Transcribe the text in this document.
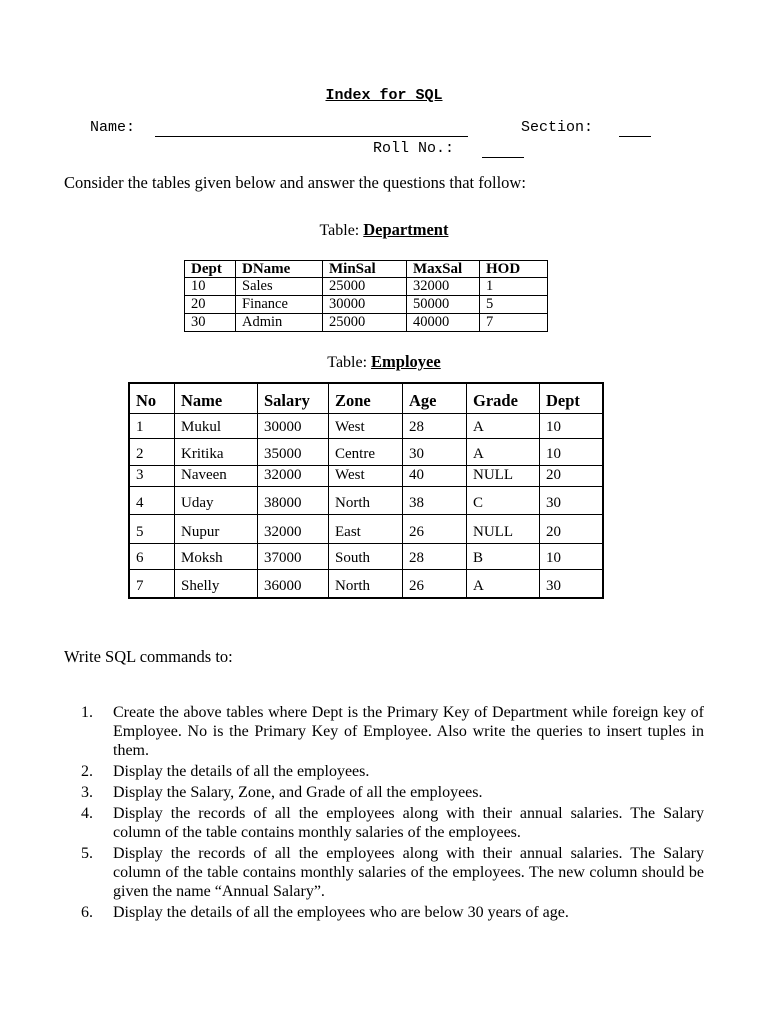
Index for SQL
Name:	Section:
Roll No.:
Consider the tables given below and answer the questions that follow:
Table: Department
Dept	DName	MinSal	MaxSal	HOD
10	Sales	25000	32000	1
20	Finance	30000	50000	5
30	Admin	25000	40000	7
Table: Employee
No	Name	Salary	Zone	Age	Grade	Dept
1	Mukul	30000	West	28	A	10
2	Kritika	35000	Centre	30	A	10
3	Naveen	32000	West	40	NULL	20
4	Uday	38000	North	38	C	30
5	Nupur	32000	East	26	NULL	20
6	Moksh	37000	South	28	B	10
7	Shelly	36000	North	26	A	30
Write SQL commands to:
1.	Create the above tables where Dept is the Primary Key of Department while foreign key of Employee. No is the Primary Key of Employee. Also write the queries to insert tuples in them.
2.	Display the details of all the employees.
3.	Display the Salary, Zone, and Grade of all the employees.
4.	Display the records of all the employees along with their annual salaries. The Salary column of the table contains monthly salaries of the employees.
5.	Display the records of all the employees along with their annual salaries. The Salary column of the table contains monthly salaries of the employees. The new column should be given the name “Annual Salary”.
6.	Display the details of all the employees who are below 30 years of age.
